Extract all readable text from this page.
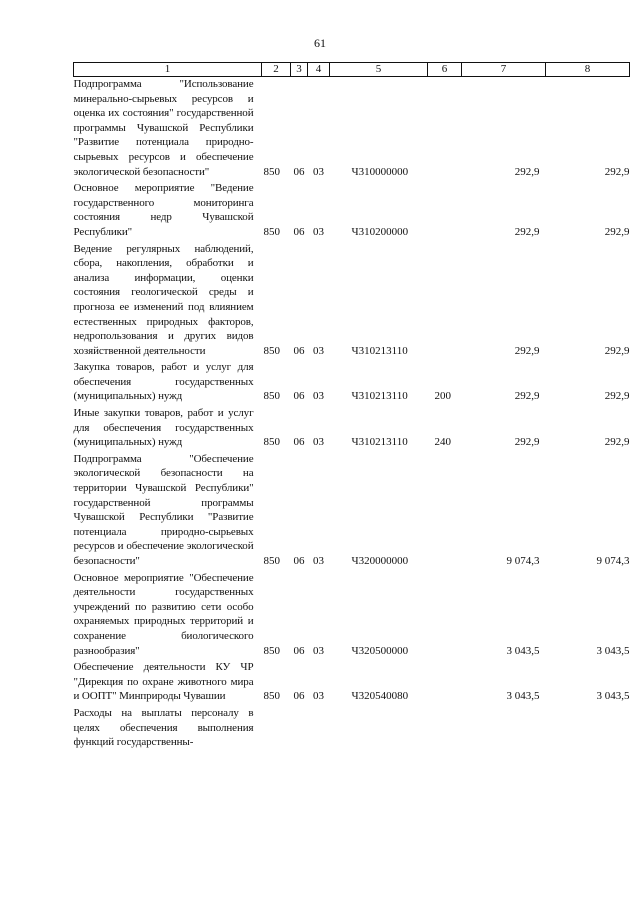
61
1	2	3	4	5	6	7	8
Подпрограмма "Использование минерально-сырьевых ресурсов и оценка их состояния" государственной программы Чувашской Республики "Развитие потенциала природно-сырьевых ресурсов и обеспечение экологической безопасности"	850	06	03	Ч310000000		292,9	292,9
Основное мероприятие "Ведение государственного мониторинга состояния недр Чувашской Республики"	850	06	03	Ч310200000		292,9	292,9
Ведение регулярных наблюдений, сбора, накопления, обработки и анализа информации, оценки состояния геологической среды и прогноза ее изменений под влиянием естественных природных факторов, недропользования и других видов хозяйственной деятельности	850	06	03	Ч310213110		292,9	292,9
Закупка товаров, работ и услуг для обеспечения государственных (муниципальных) нужд	850	06	03	Ч310213110	200	292,9	292,9
Иные закупки товаров, работ и услуг для обеспечения государственных (муниципальных) нужд	850	06	03	Ч310213110	240	292,9	292,9
Подпрограмма "Обеспечение экологической безопасности на территории Чувашской Республики" государственной программы Чувашской Республики "Развитие потенциала природно-сырьевых ресурсов и обеспечение экологической безопасности"	850	06	03	Ч320000000		9 074,3	9 074,3
Основное мероприятие "Обеспечение деятельности государственных учреждений по развитию сети особо охраняемых природных территорий и сохранение биологического разнообразия"	850	06	03	Ч320500000		3 043,5	3 043,5
Обеспечение деятельности КУ ЧР "Дирекция по охране животного мира и ООПТ" Минприроды Чувашии	850	06	03	Ч320540080		3 043,5	3 043,5
Расходы на выплаты персоналу в целях обеспечения выполнения функций государственны-							
